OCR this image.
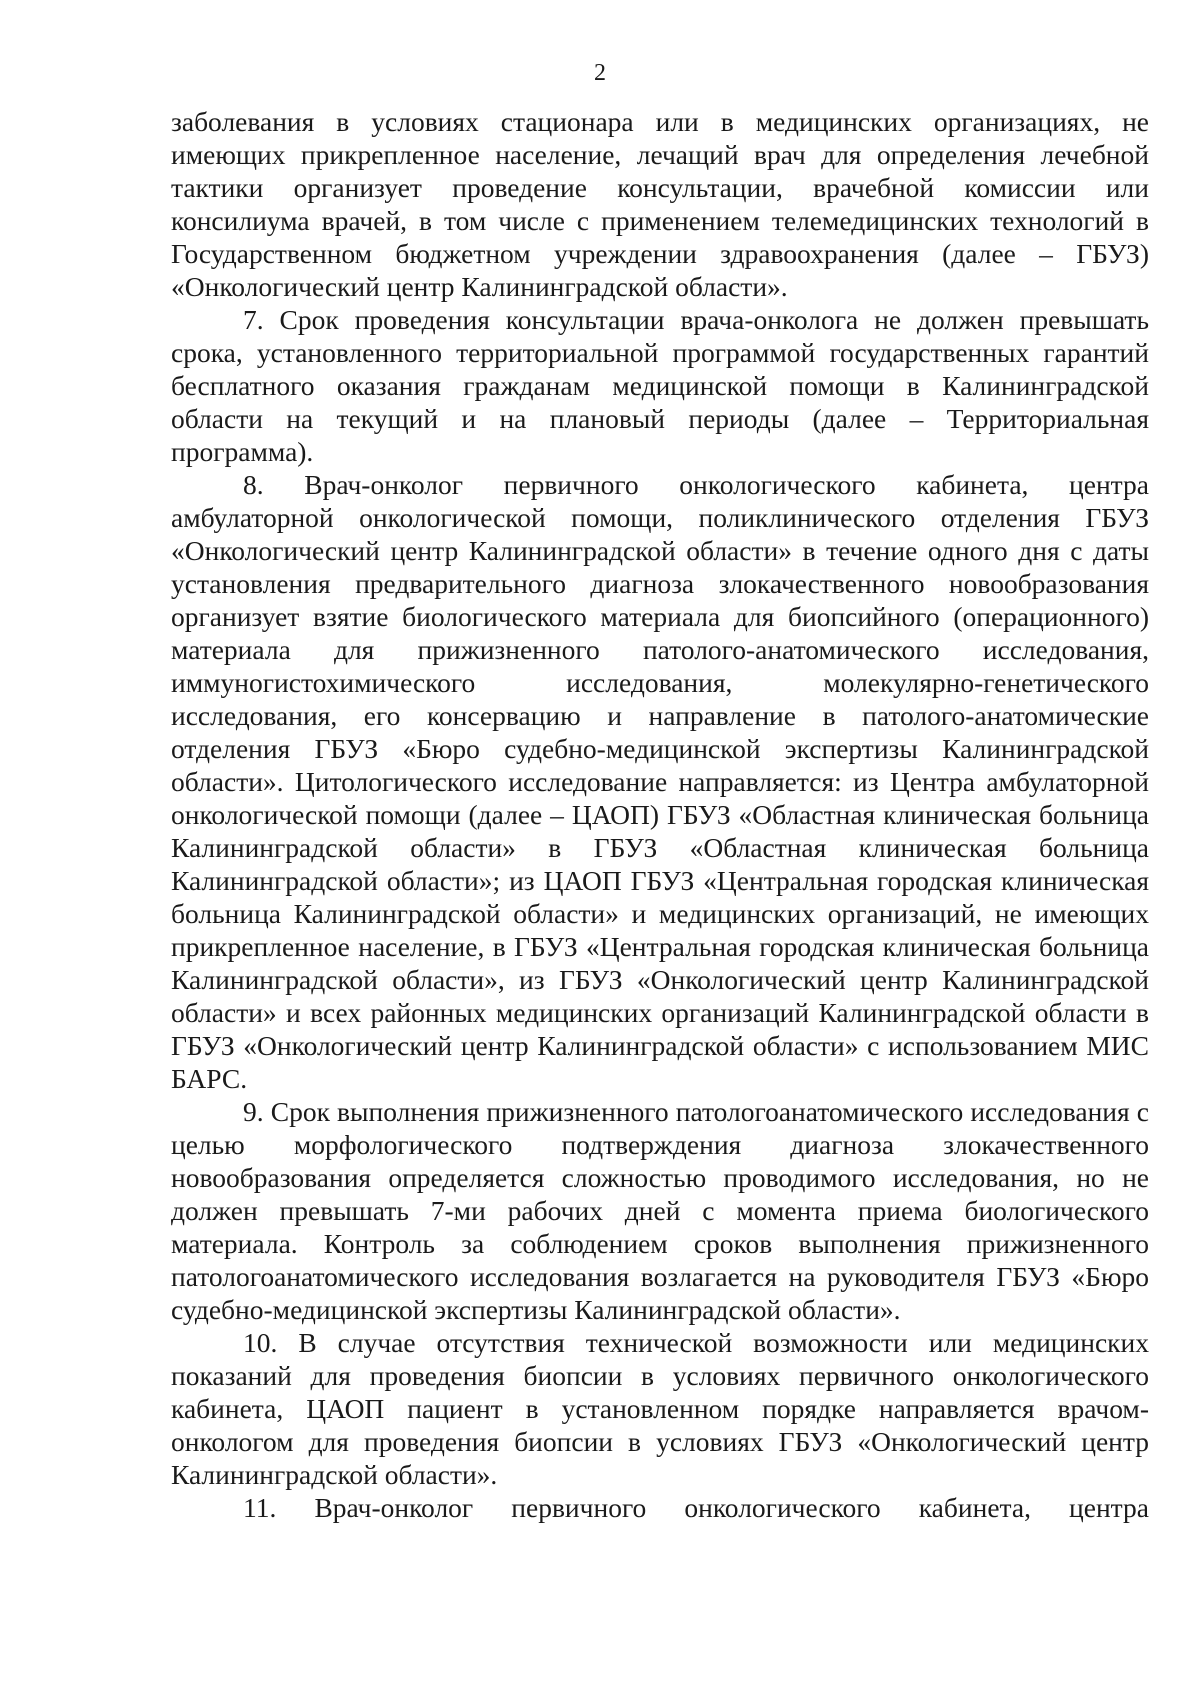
2

заболевания в условиях стационара или в медицинских организациях, не имеющих прикрепленное население, лечащий врач для определения лечебной тактики организует проведение консультации, врачебной комиссии или консилиума врачей, в том числе с применением телемедицинских технологий в Государственном бюджетном учреждении здравоохранения (далее – ГБУЗ) «Онкологический центр Калининградской области».

7. Срок проведения консультации врача-онколога не должен превышать срока, установленного территориальной программой государственных гарантий бесплатного оказания гражданам медицинской помощи в Калининградской области на текущий и на плановый периоды (далее – Территориальная программа).

8. Врач-онколог первичного онкологического кабинета, центра амбулаторной онкологической помощи, поликлинического отделения ГБУЗ «Онкологический центр Калининградской области» в течение одного дня с даты установления предварительного диагноза злокачественного новообразования организует взятие биологического материала для биопсийного (операционного) материала для прижизненного патолого-анатомического исследования, иммуногистохимического исследования, молекулярно-генетического исследования, его консервацию и направление в патолого-анатомические отделения ГБУЗ «Бюро судебно-медицинской экспертизы Калининградской области». Цитологического исследование направляется: из Центра амбулаторной онкологической помощи (далее – ЦАОП) ГБУЗ «Областная клиническая больница Калининградской области» в ГБУЗ «Областная клиническая больница Калининградской области»; из ЦАОП ГБУЗ «Центральная городская клиническая больница Калининградской области» и медицинских организаций, не имеющих прикрепленное население, в ГБУЗ «Центральная городская клиническая больница Калининградской области», из ГБУЗ «Онкологический центр Калининградской области» и всех районных медицинских организаций Калининградской области в ГБУЗ «Онкологический центр Калининградской области» с использованием МИС БАРС.

9. Срок выполнения прижизненного патологоанатомического исследования с целью морфологического подтверждения диагноза злокачественного новообразования определяется сложностью проводимого исследования, но не должен превышать 7-ми рабочих дней с момента приема биологического материала. Контроль за соблюдением сроков выполнения прижизненного патологоанатомического исследования возлагается на руководителя ГБУЗ «Бюро судебно-медицинской экспертизы Калининградской области».

10. В случае отсутствия технической возможности или медицинских показаний для проведения биопсии в условиях первичного онкологического кабинета, ЦАОП пациент в установленном порядке направляется врачом-онкологом для проведения биопсии в условиях ГБУЗ «Онкологический центр Калининградской области».

11. Врач-онколог первичного онкологического кабинета, центра
